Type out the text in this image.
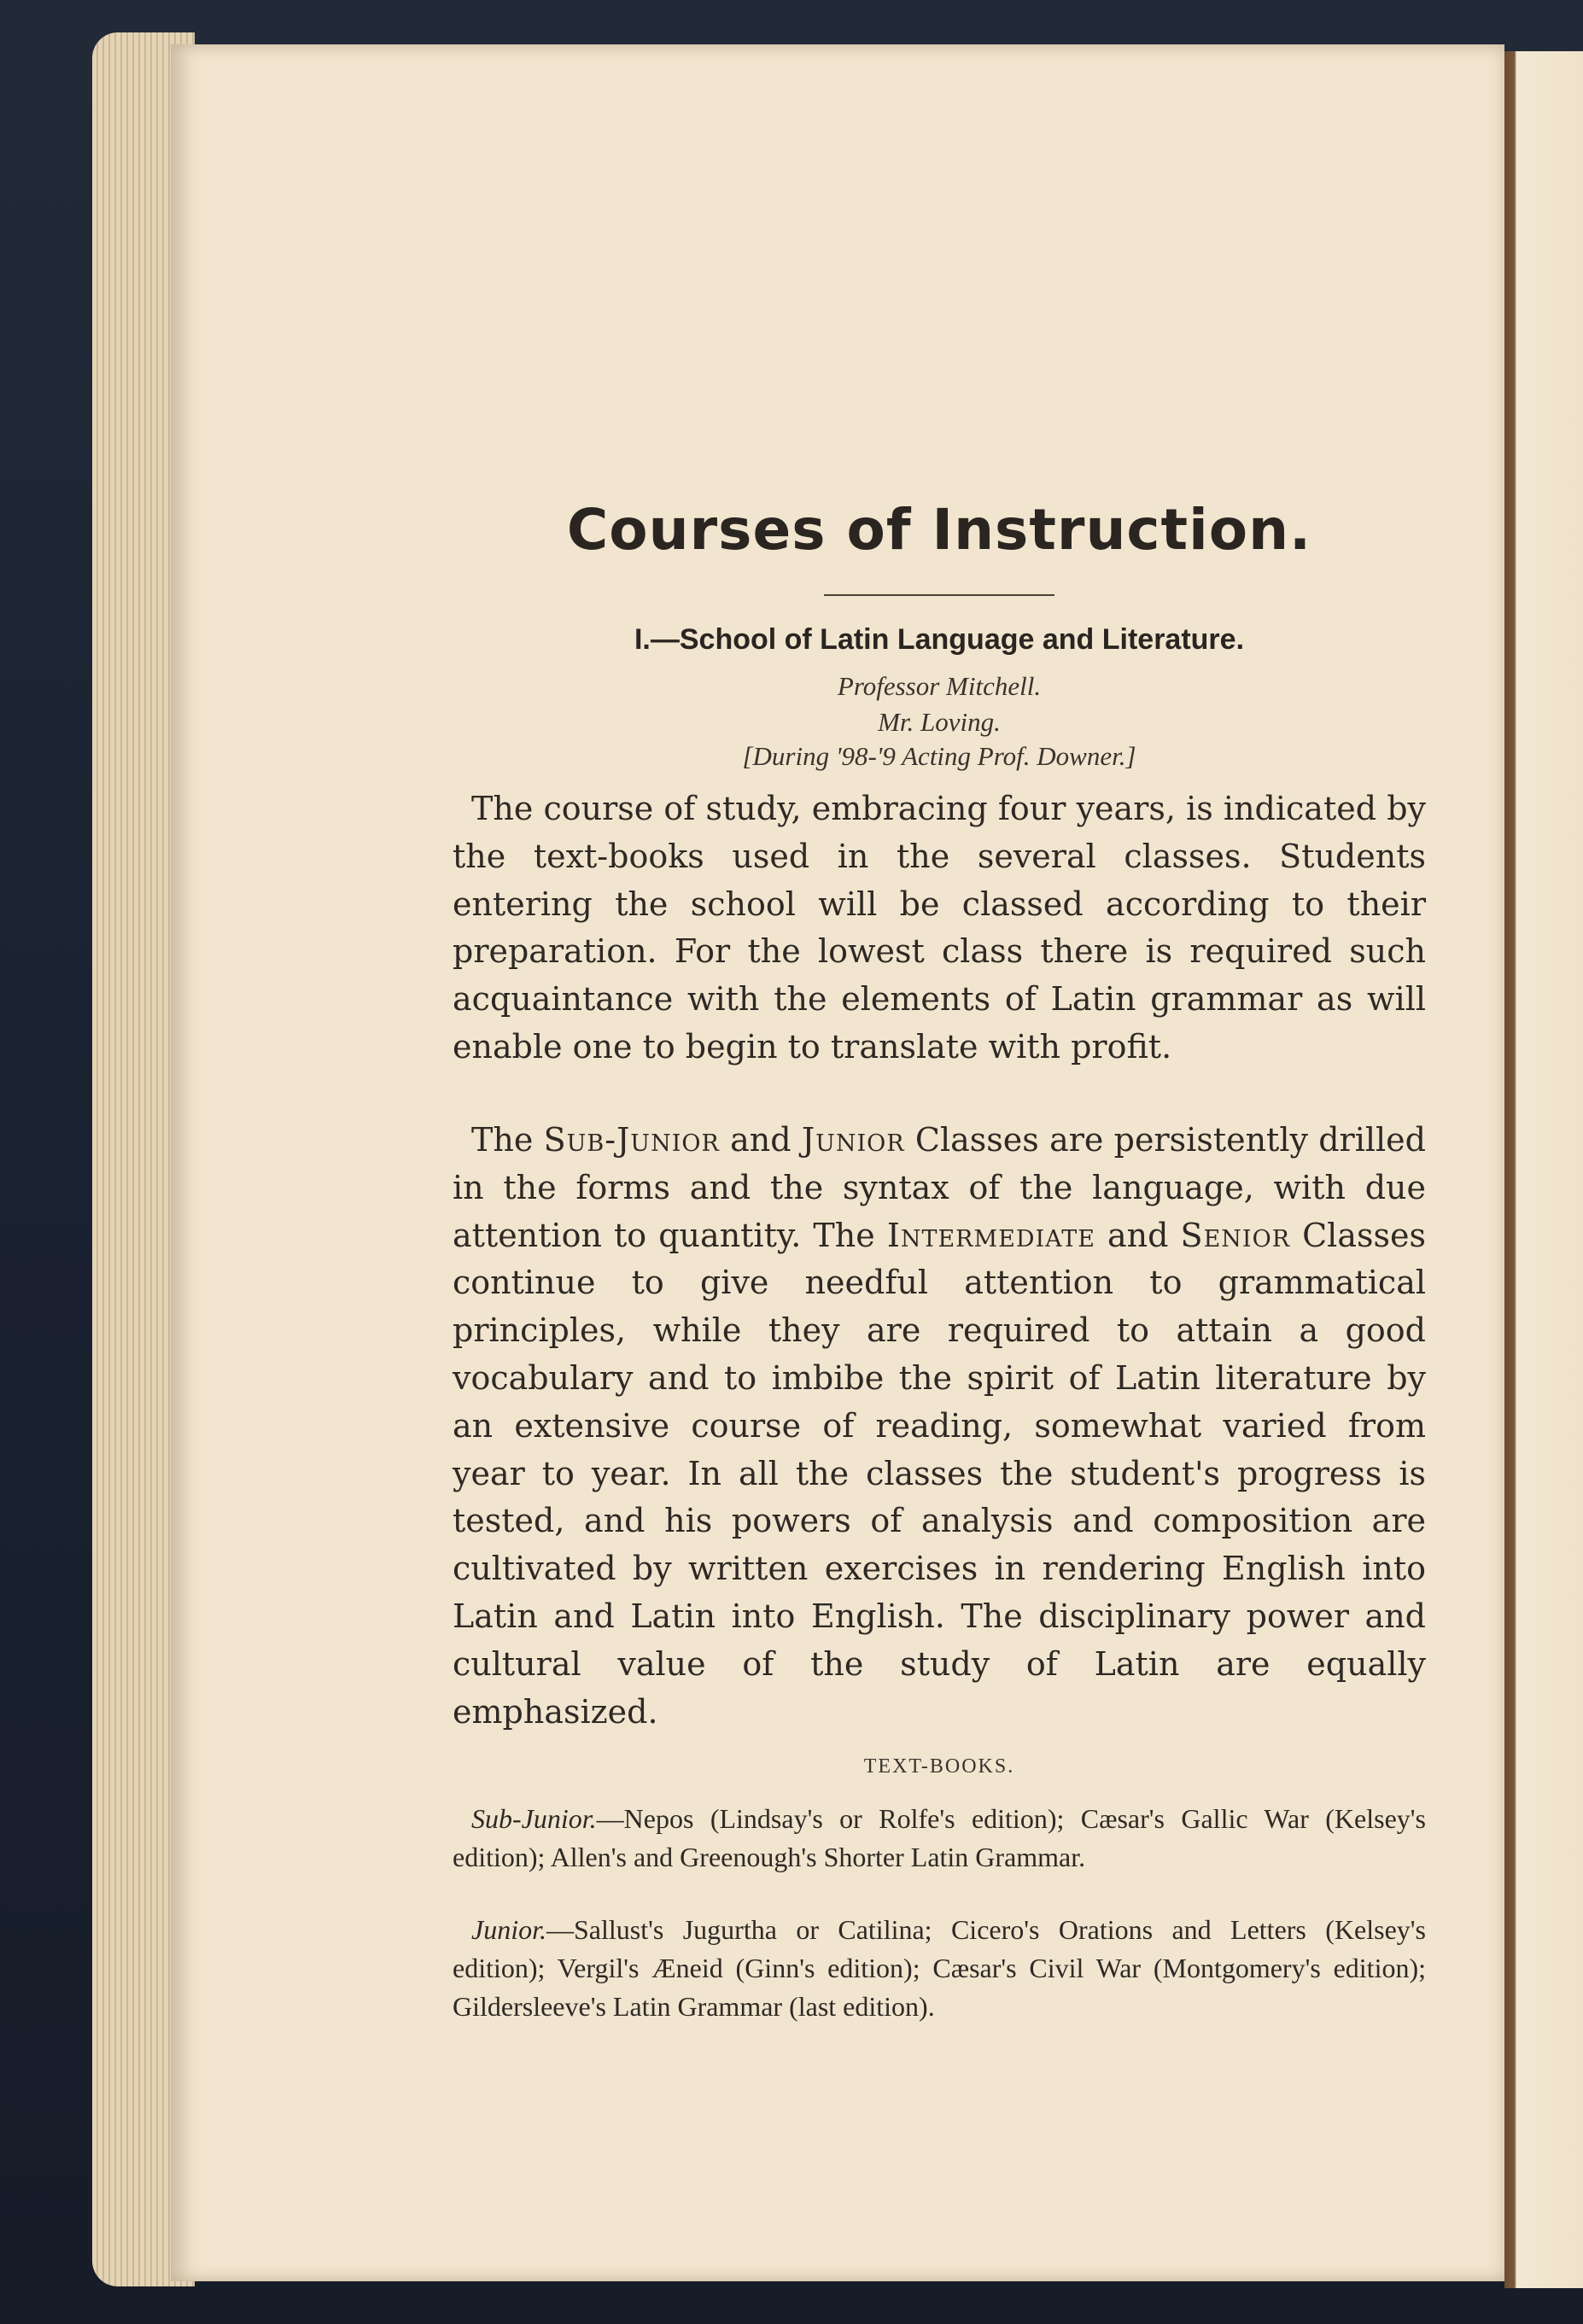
Courses of Instruction.
I.—School of Latin Language and Literature.
Professor Mitchell.
Mr. Loving.
[During '98-'9 Acting Prof. Downer.]

The course of study, embracing four years, is indicated by the text-books used in the several classes. Students entering the school will be classed according to their preparation. For the lowest class there is required such acquaintance with the elements of Latin grammar as will enable one to begin to translate with profit.

The Sub-Junior and Junior Classes are persistently drilled in the forms and the syntax of the language, with due attention to quantity. The Intermediate and Senior Classes continue to give needful attention to grammatical principles, while they are required to attain a good vocabulary and to imbibe the spirit of Latin literature by an extensive course of reading, somewhat varied from year to year. In all the classes the student's progress is tested, and his powers of analysis and composition are cultivated by written exercises in rendering English into Latin and Latin into English. The disciplinary power and cultural value of the study of Latin are equally emphasized.

TEXT-BOOKS.

Sub-Junior.—Nepos (Lindsay's or Rolfe's edition); Cæsar's Gallic War (Kelsey's edition); Allen's and Greenough's Shorter Latin Grammar.

Junior.—Sallust's Jugurtha or Catilina; Cicero's Orations and Letters (Kelsey's edition); Vergil's Æneid (Ginn's edition); Cæsar's Civil War (Montgomery's edition); Gildersleeve's Latin Grammar (last edition).
